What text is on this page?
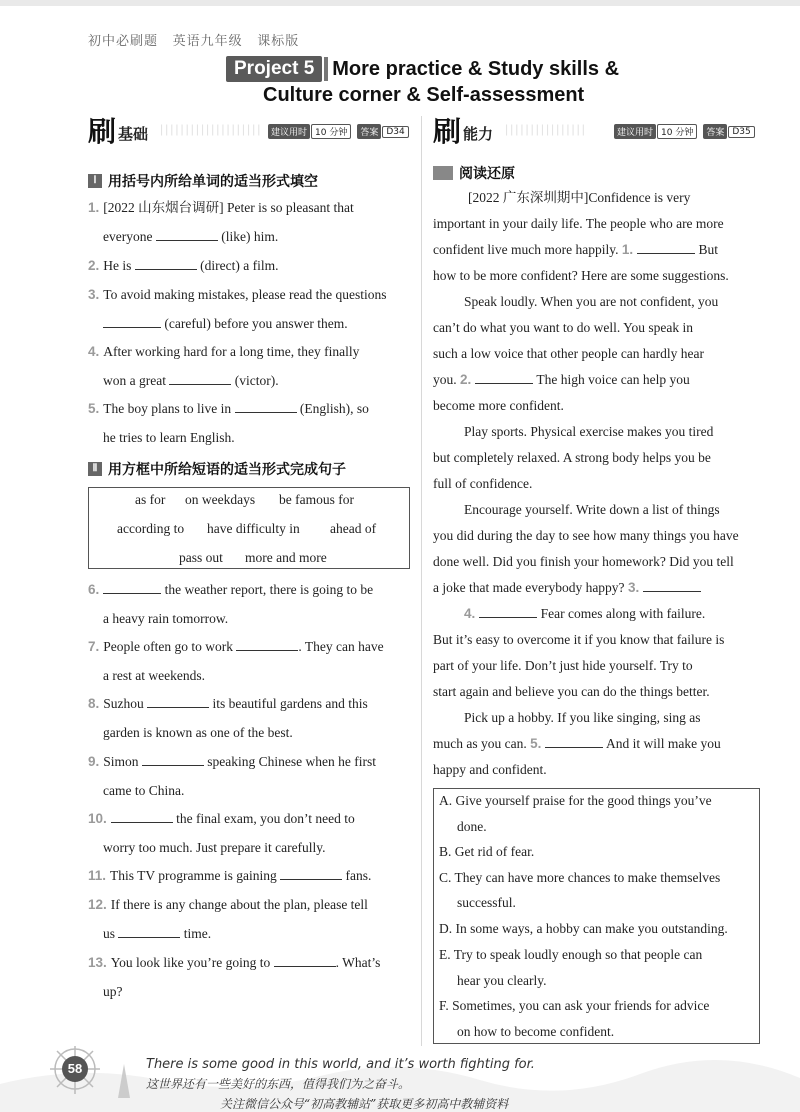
初中必刷题 英语九年级 课标版
Project 5 More practice & Study skills &
Culture corner & Self-assessment
刷 基础 |||||||||||||||||||| 建议用时 10 分钟	答案 D34 刷 能力 ||||||||||||||||	建议用时 10 分钟	答案 D35
Ⅰ 用括号内所给单词的适当形式填空
1. [2022 山东烟台调研] Peter is so pleasant that
everyone	(like) him.
2. He is	(direct) a film.
3. To avoid making mistakes, please read the questions
(careful) before you answer them.
4. After working hard for a long time, they finally
won a great	(victor).
5. The boy plans to live in	(English), so
he tries to learn English.
Ⅱ 用方框中所给短语的适当形式完成句子
as for on weekdays be famous for
according to have difficulty in ahead of
pass out more and more
6.	the weather report, there is going to be
a heavy rain tomorrow.
7. People often go to work	. They can have
a rest at weekends.
8. Suzhou	its beautiful gardens and this
garden is known as one of the best.
9. Simon	speaking Chinese when he first
came to China.
10.	the final exam, you don’t need to
worry too much. Just prepare it carefully.
11. This TV programme is gaining	fans.
12. If there is any change about the plan, please tell
us	time.
13. You look like you’re going to	. What’s
up?
阅读还原
[2022 广东深圳期中]Confidence is very
important in your daily life. The people who are more
confident live much more happily. 1.	But
how to be more confident? Here are some suggestions.
Speak loudly. When you are not confident, you
can’t do what you want to do well. You speak in
such a low voice that other people can hardly hear
you. 2.	The high voice can help you
become more confident.
Play sports. Physical exercise makes you tired
but completely relaxed. A strong body helps you be
full of confidence.
Encourage yourself. Write down a list of things
you did during the day to see how many things you have
done well. Did you finish your homework? Did you tell
a joke that made everybody happy? 3.
4.	Fear comes along with failure.
But it’s easy to overcome it if you know that failure is
part of your life. Don’t just hide yourself. Try to
start again and believe you can do the things better.
Pick up a hobby. If you like singing, sing as
much as you can. 5.	And it will make you
happy and confident.
A. Give yourself praise for the good things you’ve
done.
B. Get rid of fear.
C. They can have more chances to make themselves
successful.
D. In some ways, a hobby can make you outstanding.
E. Try to speak loudly enough so that people can
hear you clearly.
F. Sometimes, you can ask your friends for advice
on how to become confident.
58	There is some good in this world, and it’s worth fighting for.
这世界还有一些美好的东西，值得我们为之奋斗。
关注微信公众号“初高教辅站”获取更多初高中教辅资料
